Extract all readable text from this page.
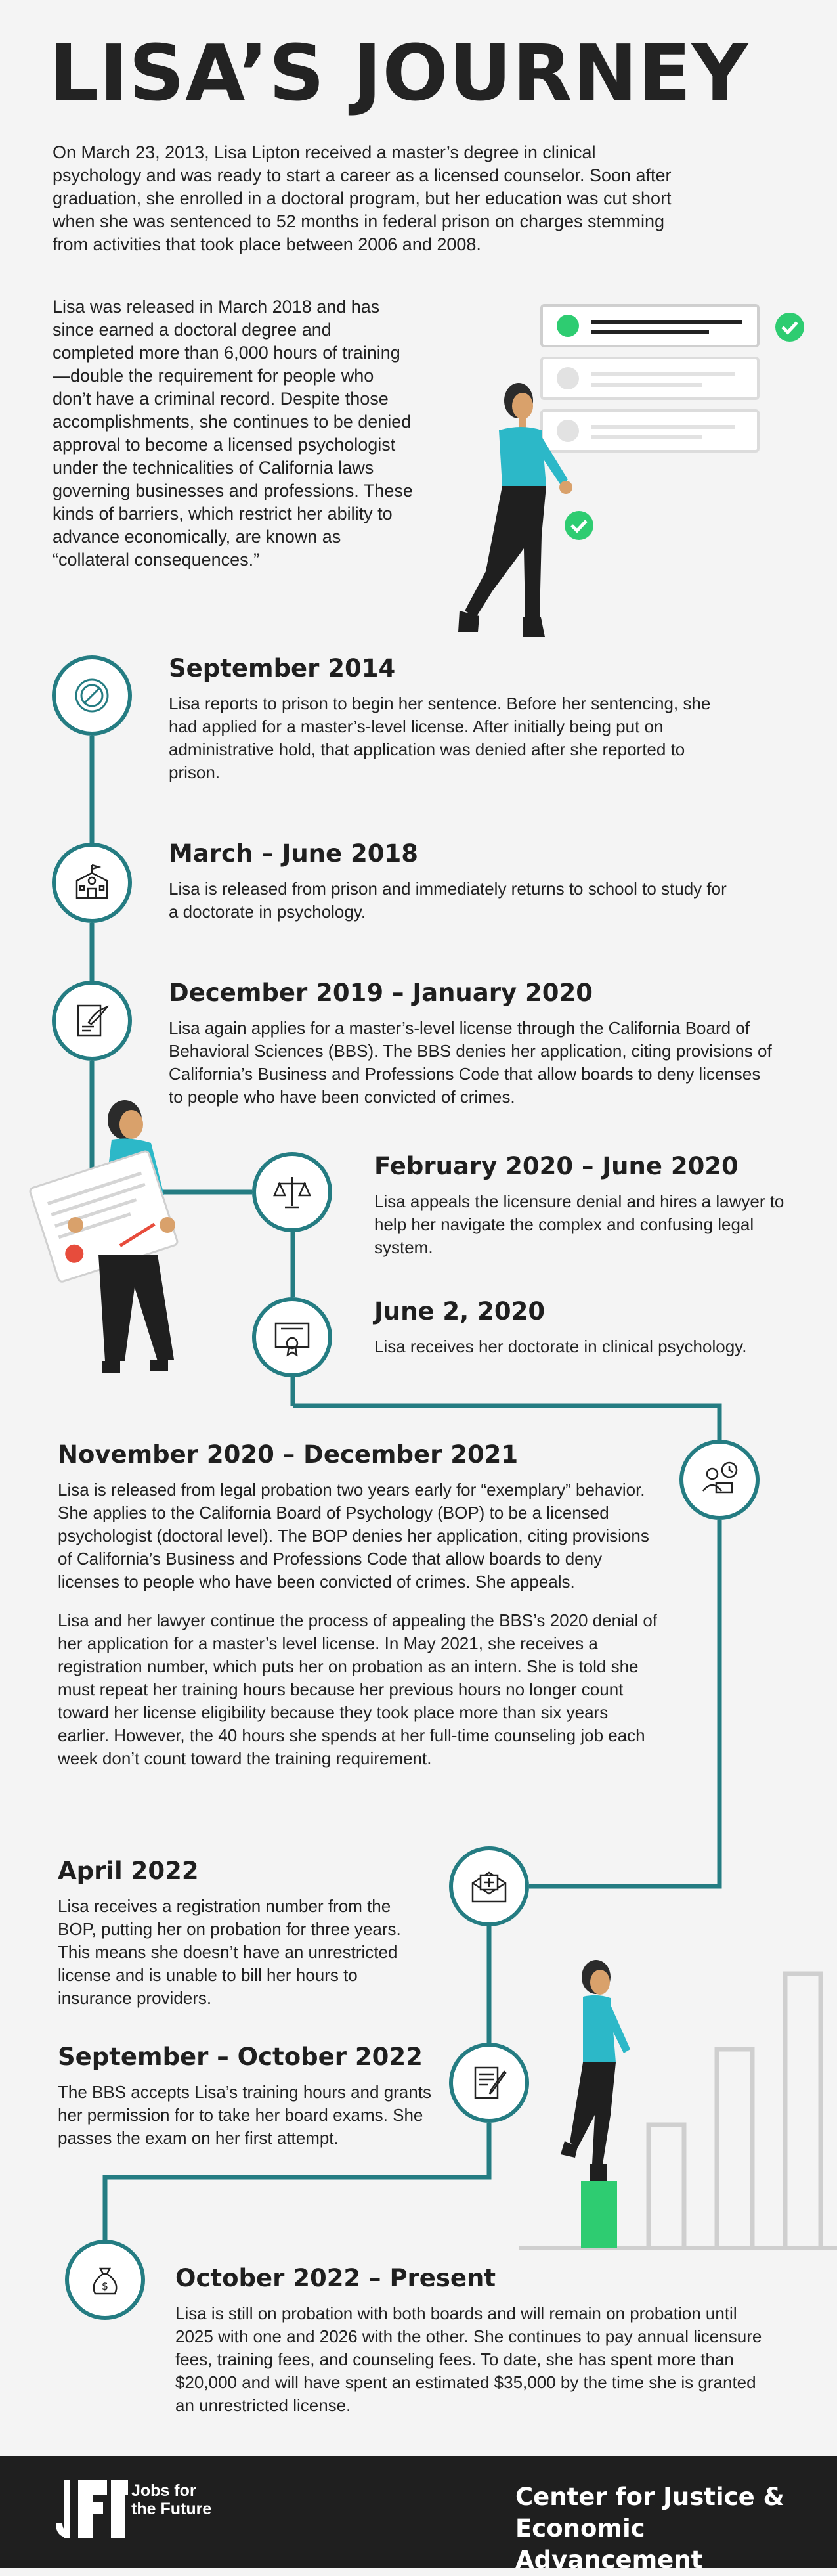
LISA’S JOURNEY
On March 23, 2013, Lisa Lipton received a master’s degree in clinical psychology and was ready to start a career as a licensed counselor. Soon after graduation, she enrolled in a doctoral program, but her education was cut short when she was sentenced to 52 months in federal prison on charges stemming from activities that took place between 2006 and 2008.
Lisa was released in March 2018 and has since earned a doctoral degree and completed more than 6,000 hours of training—double the requirement for people who don’t have a criminal record. Despite those accomplishments, she continues to be denied approval to become a licensed psychologist under the technicalities of California laws governing businesses and professions. These kinds of barriers, which restrict her ability to advance economically, are known as “collateral consequences.”
$
September 2014

Lisa reports to prison to begin her sentence. Before her sentencing, she had applied for a master’s-level license. After initially being put on administrative hold, that application was denied after she reported to prison.

March – June 2018

Lisa is released from prison and immediately returns to school to study for a doctorate in psychology.

December 2019 – January 2020

Lisa again applies for a master’s-level license through the California Board of Behavioral Sciences (BBS). The BBS denies her application, citing provisions of California’s Business and Professions Code that allow boards to deny licenses to people who have been convicted of crimes.

February 2020 – June 2020

Lisa appeals the licensure denial and hires a lawyer to help her navigate the complex and confusing legal system.

June 2, 2020

Lisa receives her doctorate in clinical psychology.

November 2020 – December 2021

Lisa is released from legal probation two years early for “exemplary” behavior. She applies to the California Board of Psychology (BOP) to be a licensed psychologist (doctoral level). The BOP denies her application, citing provisions of California’s Business and Professions Code that allow boards to deny licenses to people who have been convicted of crimes. She appeals.

Lisa and her lawyer continue the process of appealing the BBS’s 2020 denial of her application for a master’s level license. In May 2021, she receives a registration number, which puts her on probation as an intern. She is told she must repeat her training hours because her previous hours no longer count toward her license eligibility because they took place more than six years earlier. However, the 40 hours she spends at her full-time counseling job each week don’t count toward the training requirement.

April 2022

Lisa receives a registration number from the BOP, putting her on probation for three years. This means she doesn’t have an unrestricted license and is unable to bill her hours to insurance providers.

September – October 2022

The BBS accepts Lisa’s training hours and grants her permission for to take her board exams. She passes the exam on her first attempt.

October 2022 – Present

Lisa is still on probation with both boards and will remain on probation until 2025 with one and 2026 with the other. She continues to pay annual licensure fees, training fees, and counseling fees. To date, she has spent more than $20,000 and will have spent an estimated $35,000 by the time she is granted an unrestricted license.

Jobs for
the Future	Center for Justice &
Economic Advancement
